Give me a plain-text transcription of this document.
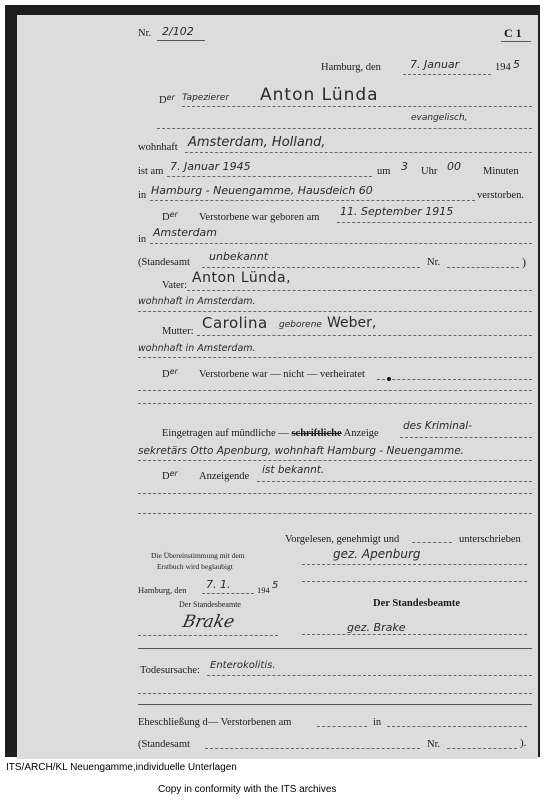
Nr. 2/102	C 1
Hamburg, den	7. Januar	194 5
Der Tapezierer Anton Lünda
evangelisch,
wohnhaft Amsterdam, Holland,
ist am 7. Januar 1945	um 3 Uhr 00 Minuten
in Hamburg - Neuengamme, Hausdeich 60	verstorben.
Der Verstorbene war geboren am 11. September 1915
in
Amsterdam
(Standesamt unbekannt	Nr.	)
Vater: Anton Lünda,
wohnhaft in Amsterdam.
Mutter: Carolina geborene Weber,
wohnhaft in Amsterdam.
Der Verstorbene war — nicht — verheiratet
Eingetragen auf mündliche — schriftliche Anzeige
des Kriminal-
sekretärs Otto Apenburg, wohnhaft Hamburg - Neuengamme.
Der Anzeigende
ist bekannt.
Vorgelesen, genehmigt und	unterschrieben
gez. Apenburg
Die Übereinstimmung mit dem
Erstbuch wird beglaubigt
Hamburg, den 7. 1.	194 5
Der Standesbeamte	Der Standesbeamte
Brake	gez. Brake
Todesursache: Enterokolitis.
Eheschließung d— Verstorbenen am	in
(Standesamt	Nr.	).
ITS/ARCH/KL Neuengamme,individuelle Unterlagen
Copy in conformity with the ITS archives
